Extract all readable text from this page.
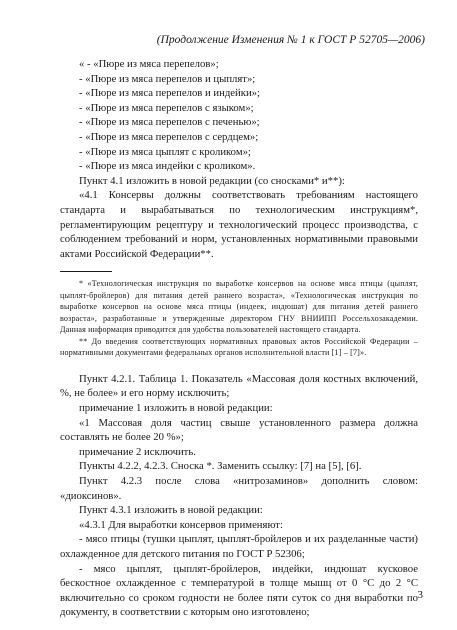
(Продолжение Изменения № 1 к ГОСТ Р 52705—2006)

« - «Пюре из мяса перепелов»;

- «Пюре из мяса перепелов и цыплят»;

- «Пюре из мяса перепелов и индейки»;

- «Пюре из мяса перепелов с языком»;

- «Пюре из мяса перепелов с печенью»;

- «Пюре из мяса перепелов с сердцем»;

- «Пюре из мяса цыплят с кроликом»;

- «Пюре из мяса индейки с кроликом».

Пункт 4.1 изложить в новой редакции (со сносками* и**):

«4.1 Консервы должны соответствовать требованиям настоящего стандарта и вырабатываться по технологическим инструкциям*, регламентирующим рецептуру и технологический процесс производства, с соблюдением требований и норм, установленных нормативными правовыми актами Российской Федерации**.

* «Технологическая инструкция по выработке консервов на основе мяса птицы (цыплят, цыплят-бройлеров) для питания детей раннего возраста», «Технологическая инструкция по выработке консервов на основе мяса птицы (индеек, индюшат) для питания детей раннего возраста», разработанные и утвержденные директором ГНУ ВНИИПП Россельхозакадемии. Данная информация приводится для удобства пользователей настоящего стандарта.

** До введения соответствующих нормативных правовых актов Российской Федерации – нормативными документами федеральных органов исполнительной власти [1] – [7]».

Пункт 4.2.1. Таблица 1. Показатель «Массовая доля костных включений, %, не более» и его норму исключить;

примечание 1 изложить в новой редакции:

«1 Массовая доля частиц свыше установленного размера должна составлять не более 20 %»;

примечание 2 исключить.

Пункты 4.2.2, 4.2.3. Сноска *. Заменить ссылку: [7] на [5], [6].

Пункт 4.2.3 после слова «нитрозаминов» дополнить словом: «диоксинов».

Пункт 4.3.1 изложить в новой редакции:

«4.3.1 Для выработки консервов применяют:

- мясо птицы (тушки цыплят, цыплят-бройлеров и их разделанные части) охлажденное для детского питания по ГОСТ Р 52306;

- мясо цыплят, цыплят-бройлеров, индейки, индюшат кусковое бескостное охлажденное с температурой в толще мышц от 0 °С до 2 °С включительно со сроком годности не более пяти суток со дня выработки по документу, в соответствии с которым оно изготовлено;

3
